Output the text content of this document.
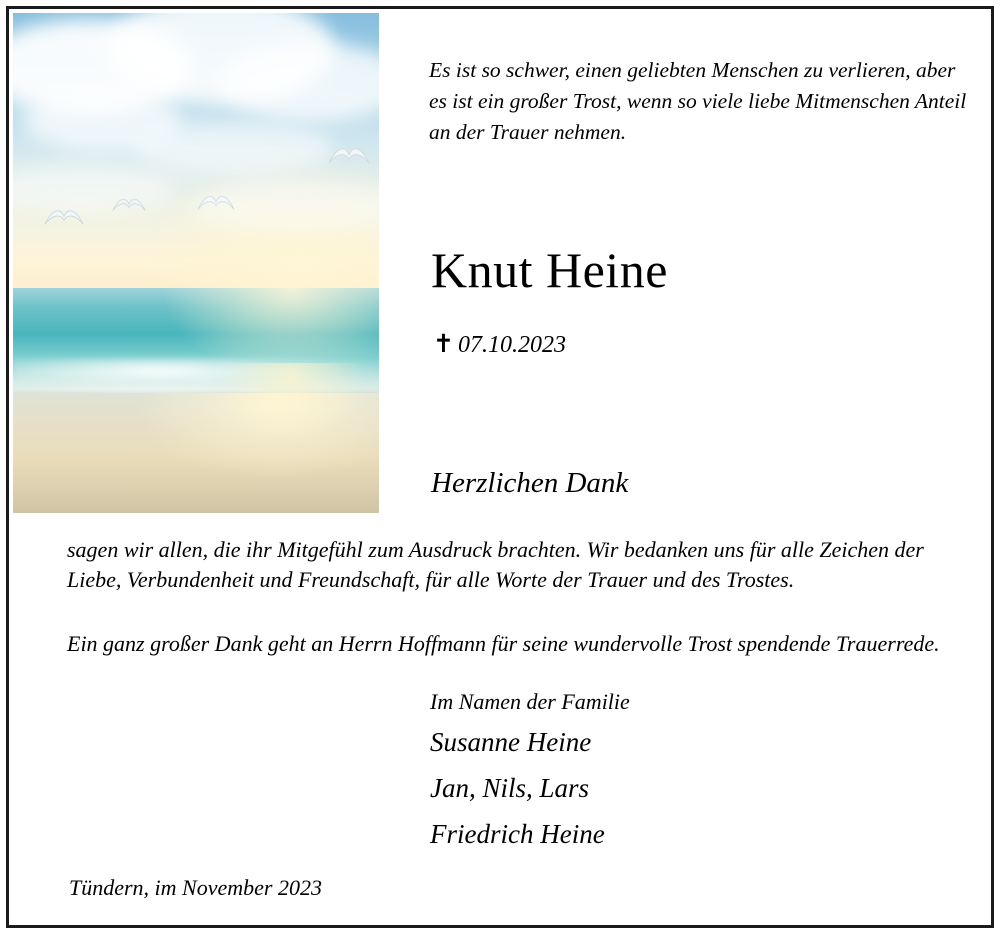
Es ist so schwer, einen geliebten Menschen zu verlieren, aber es ist ein großer Trost, wenn so viele liebe Mitmenschen Anteil an der Trauer nehmen.
Knut Heine
✝ 07.10.2023
Herzlichen Dank
sagen wir allen, die ihr Mitgefühl zum Ausdruck brachten. Wir bedanken uns für alle Zeichen der Liebe, Verbundenheit und Freundschaft, für alle Worte der Trauer und des Trostes.
Ein ganz großer Dank geht an Herrn Hoffmann für seine wundervolle Trost spendende Trauerrede.
Im Namen der Familie
Susanne Heine
Jan, Nils, Lars
Friedrich Heine
Tündern, im November 2023
